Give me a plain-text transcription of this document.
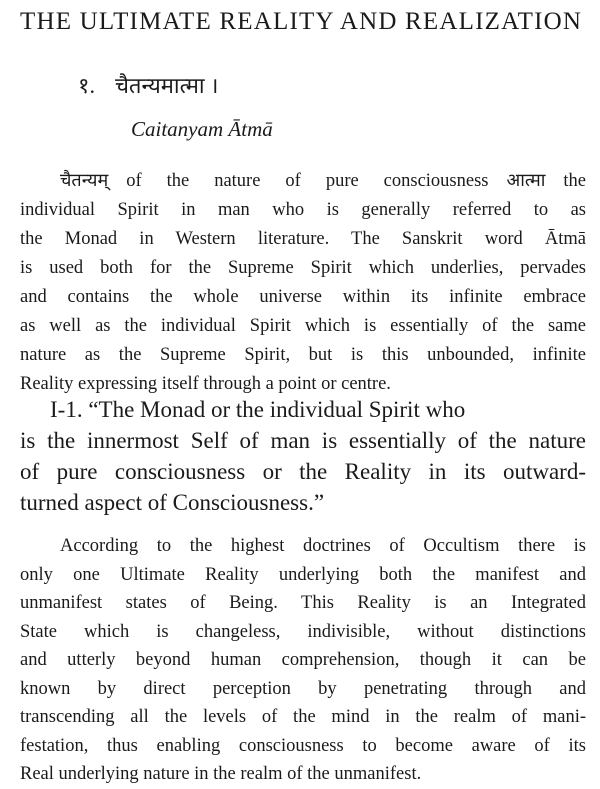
THE ULTIMATE REALITY AND REALIZATION
१. चैतन्यमात्मा ।
Caitanyam Ātmā
चैतन्यम् of the nature of pure consciousness आत्मा the
individual Spirit in man who is generally referred to as
the Monad in Western literature. The Sanskrit word Ātmā
is used both for the Supreme Spirit which underlies, pervades
and contains the whole universe within its infinite embrace
as well as the individual Spirit which is essentially of the same
nature as the Supreme Spirit, but is this unbounded, infinite
Reality expressing itself through a point or centre.
I-1. “The Monad or the individual Spirit who
is the innermost Self of man is essentially of the nature
of pure consciousness or the Reality in its outward-
turned aspect of Consciousness.”
According to the highest doctrines of Occultism there is
only one Ultimate Reality underlying both the manifest and
unmanifest states of Being. This Reality is an Integrated
State which is changeless, indivisible, without distinctions
and utterly beyond human comprehension, though it can be
known by direct perception by penetrating through and
transcending all the levels of the mind in the realm of mani-
festation, thus enabling consciousness to become aware of its
Real underlying nature in the realm of the unmanifest.
